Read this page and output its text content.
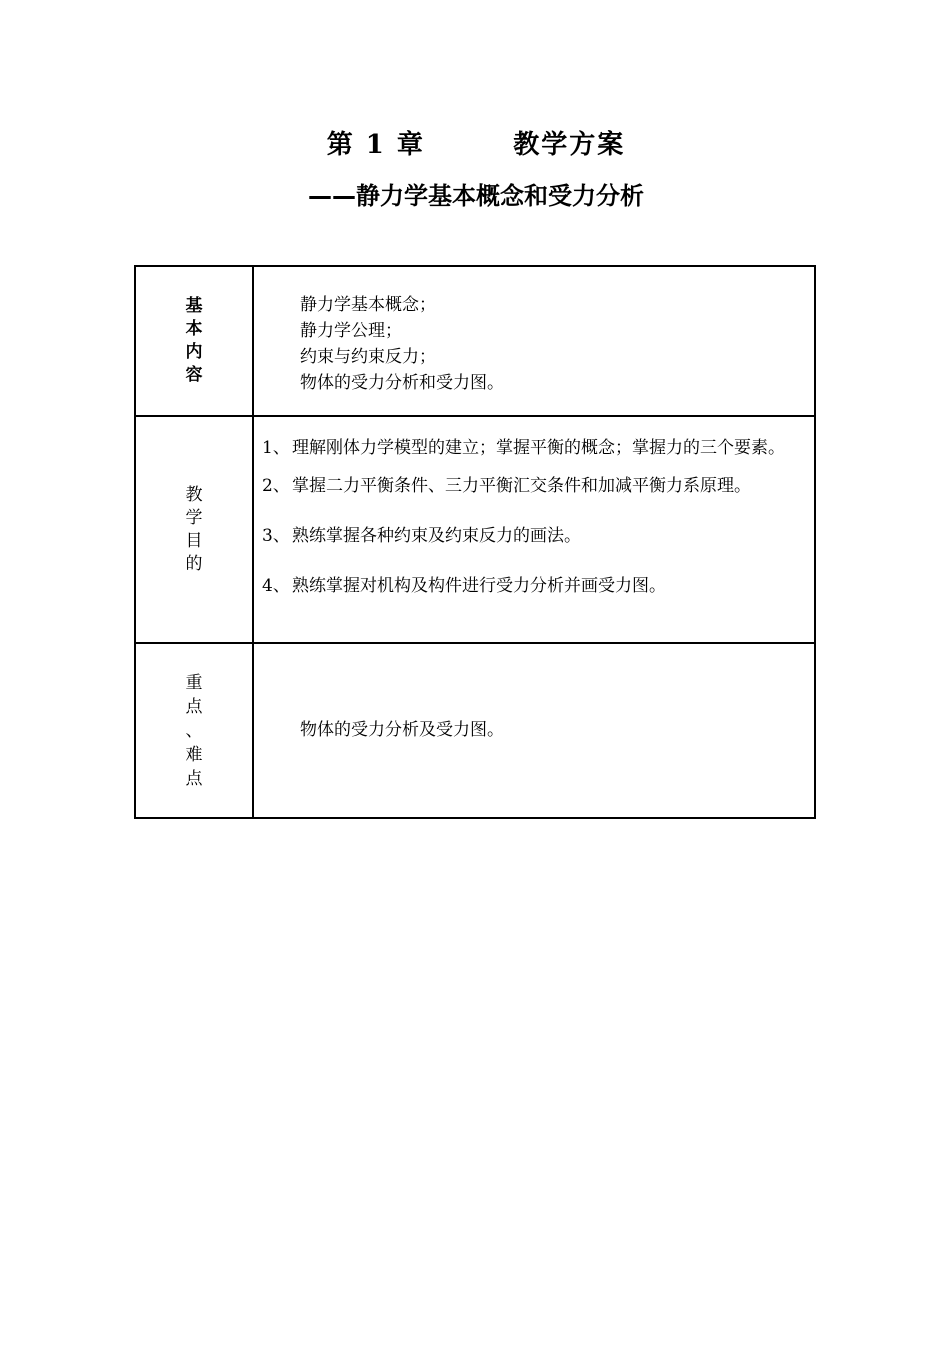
第 1 章        教学方案
——静力学基本概念和受力分析
基
本
内
容
静力学基本概念；
静力学公理；
约束与约束反力；
物体的受力分析和受力图。
教
学
目
的
1、 理解刚体力学模型的建立；掌握平衡的概念；掌握力的三个要素。
2、 掌握二力平衡条件、三力平衡汇交条件和加减平衡力系原理。
3、 熟练掌握各种约束及约束反力的画法。
4、 熟练掌握对机构及构件进行受力分析并画受力图。
重
点
、
难
点
物体的受力分析及受力图。
